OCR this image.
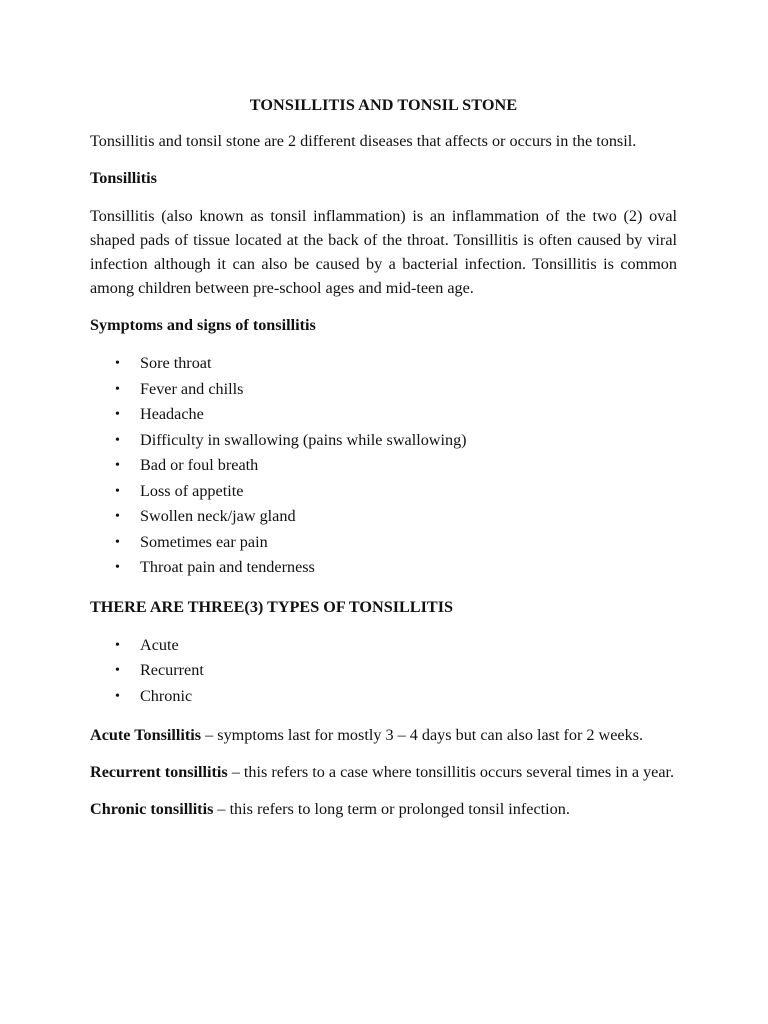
TONSILLITIS AND TONSIL STONE
Tonsillitis and tonsil stone are 2 different diseases that affects or occurs in the tonsil.
Tonsillitis
Tonsillitis (also known as tonsil inflammation) is an inflammation of the two (2) oval shaped pads of tissue located at the back of the throat. Tonsillitis is often caused by viral infection although it can also be caused by a bacterial infection. Tonsillitis is common among children between pre-school ages and mid-teen age.
Symptoms and signs of tonsillitis
• Sore throat
• Fever and chills
• Headache
• Difficulty in swallowing (pains while swallowing)
• Bad or foul breath
• Loss of appetite
• Swollen neck/jaw gland
• Sometimes ear pain
• Throat pain and tenderness
THERE ARE THREE(3) TYPES OF TONSILLITIS
• Acute
• Recurrent
• Chronic
Acute Tonsillitis – symptoms last for mostly 3 – 4 days but can also last for 2 weeks.
Recurrent tonsillitis – this refers to a case where tonsillitis occurs several times in a year.
Chronic tonsillitis – this refers to long term or prolonged tonsil infection.
